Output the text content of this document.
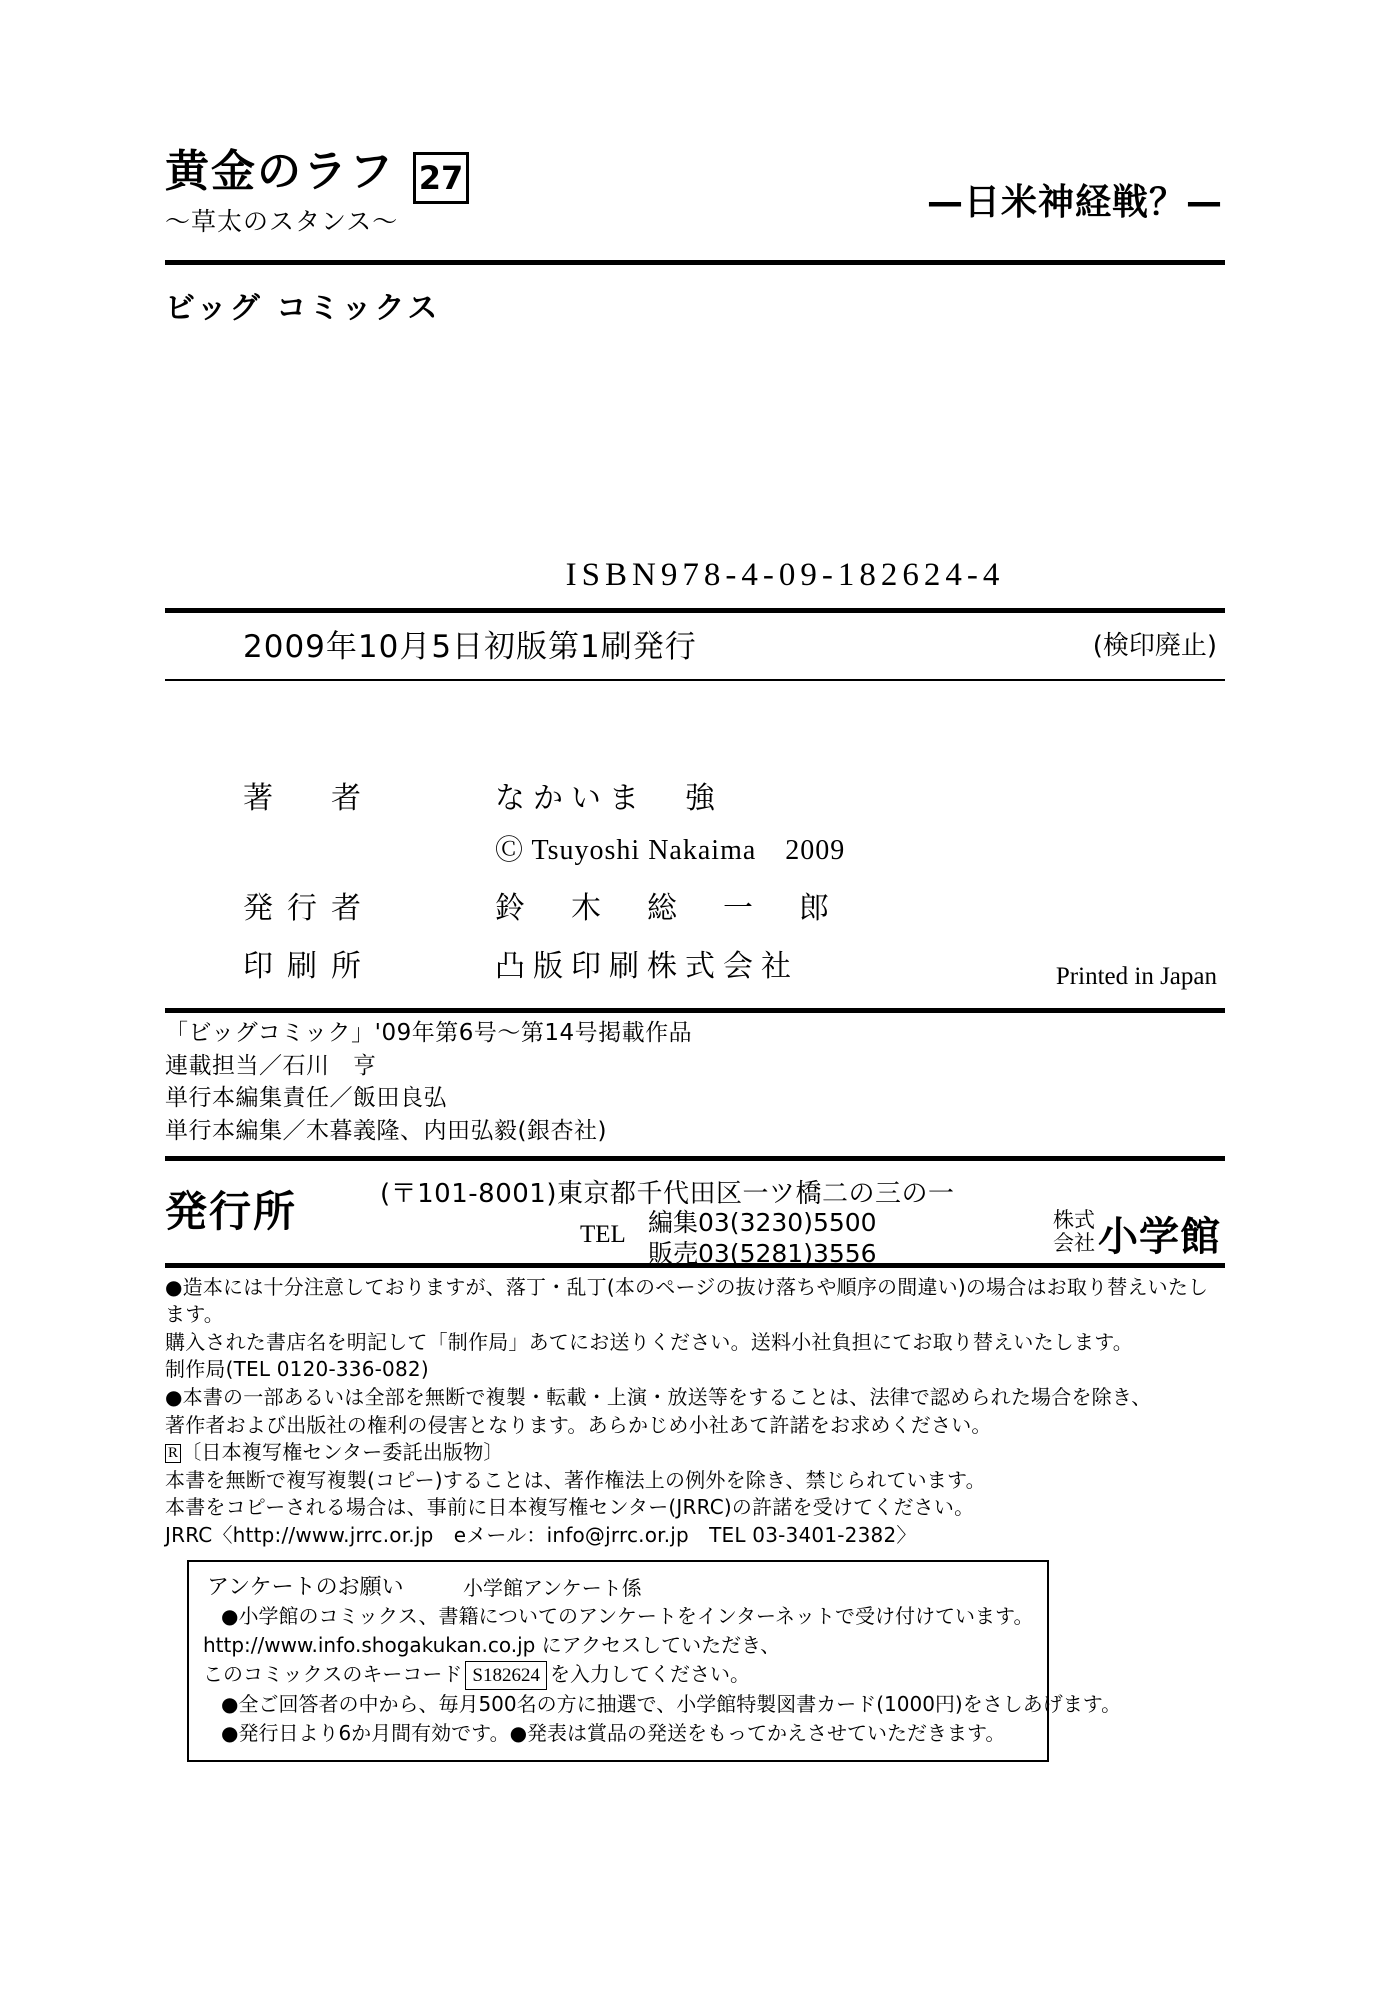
黄金のラフ 27
〜草太のスタンス〜	—日米神経戦？—
ビッグ コミックス
ISBN978-4-09-182624-4
2009年10月5日初版第1刷発行	(検印廃止)
著　者	なかいま　強
Ⓒ Tsuyoshi Nakaima　2009
発行者	鈴　木　総　一　郎
印刷所	凸版印刷株式会社	Printed in Japan
「ビッグコミック」'09年第6号〜第14号掲載作品
連載担当／石川　亨
単行本編集責任／飯田良弘
単行本編集／木暮義隆、内田弘毅(銀杏社)
発行所	(〒101-8001)東京都千代田区一ツ橋二の三の一
TEL 編集03(3230)5500
販売03(5281)3556
株式
会社 小学館
●造本には十分注意しておりますが、落丁・乱丁(本のページの抜け落ちや順序の間違い)の場合はお取り替えいたします。
購入された書店名を明記して「制作局」あてにお送りください。送料小社負担にてお取り替えいたします。
制作局(TEL 0120-336-082)
●本書の一部あるいは全部を無断で複製・転載・上演・放送等をすることは、法律で認められた場合を除き、
著作者および出版社の権利の侵害となります。あらかじめ小社あて許諾をお求めください。
R 〔日本複写権センター委託出版物〕
本書を無断で複写複製(コピー)することは、著作権法上の例外を除き、禁じられています。
本書をコピーされる場合は、事前に日本複写権センター(JRRC)の許諾を受けてください。
JRRC〈http://www.jrrc.or.jp　eメール：info@jrrc.or.jp　TEL 03-3401-2382〉
アンケートのお願い	小学館アンケート係
●小学館のコミックス、書籍についてのアンケートをインターネットで受け付けています。
http://www.info.shogakukan.co.jp にアクセスしていただき、
このコミックスのキーコード S182624 を入力してください。
●全ご回答者の中から、毎月500名の方に抽選で、小学館特製図書カード(1000円)をさしあげます。
●発行日より6か月間有効です。●発表は賞品の発送をもってかえさせていただきます。
